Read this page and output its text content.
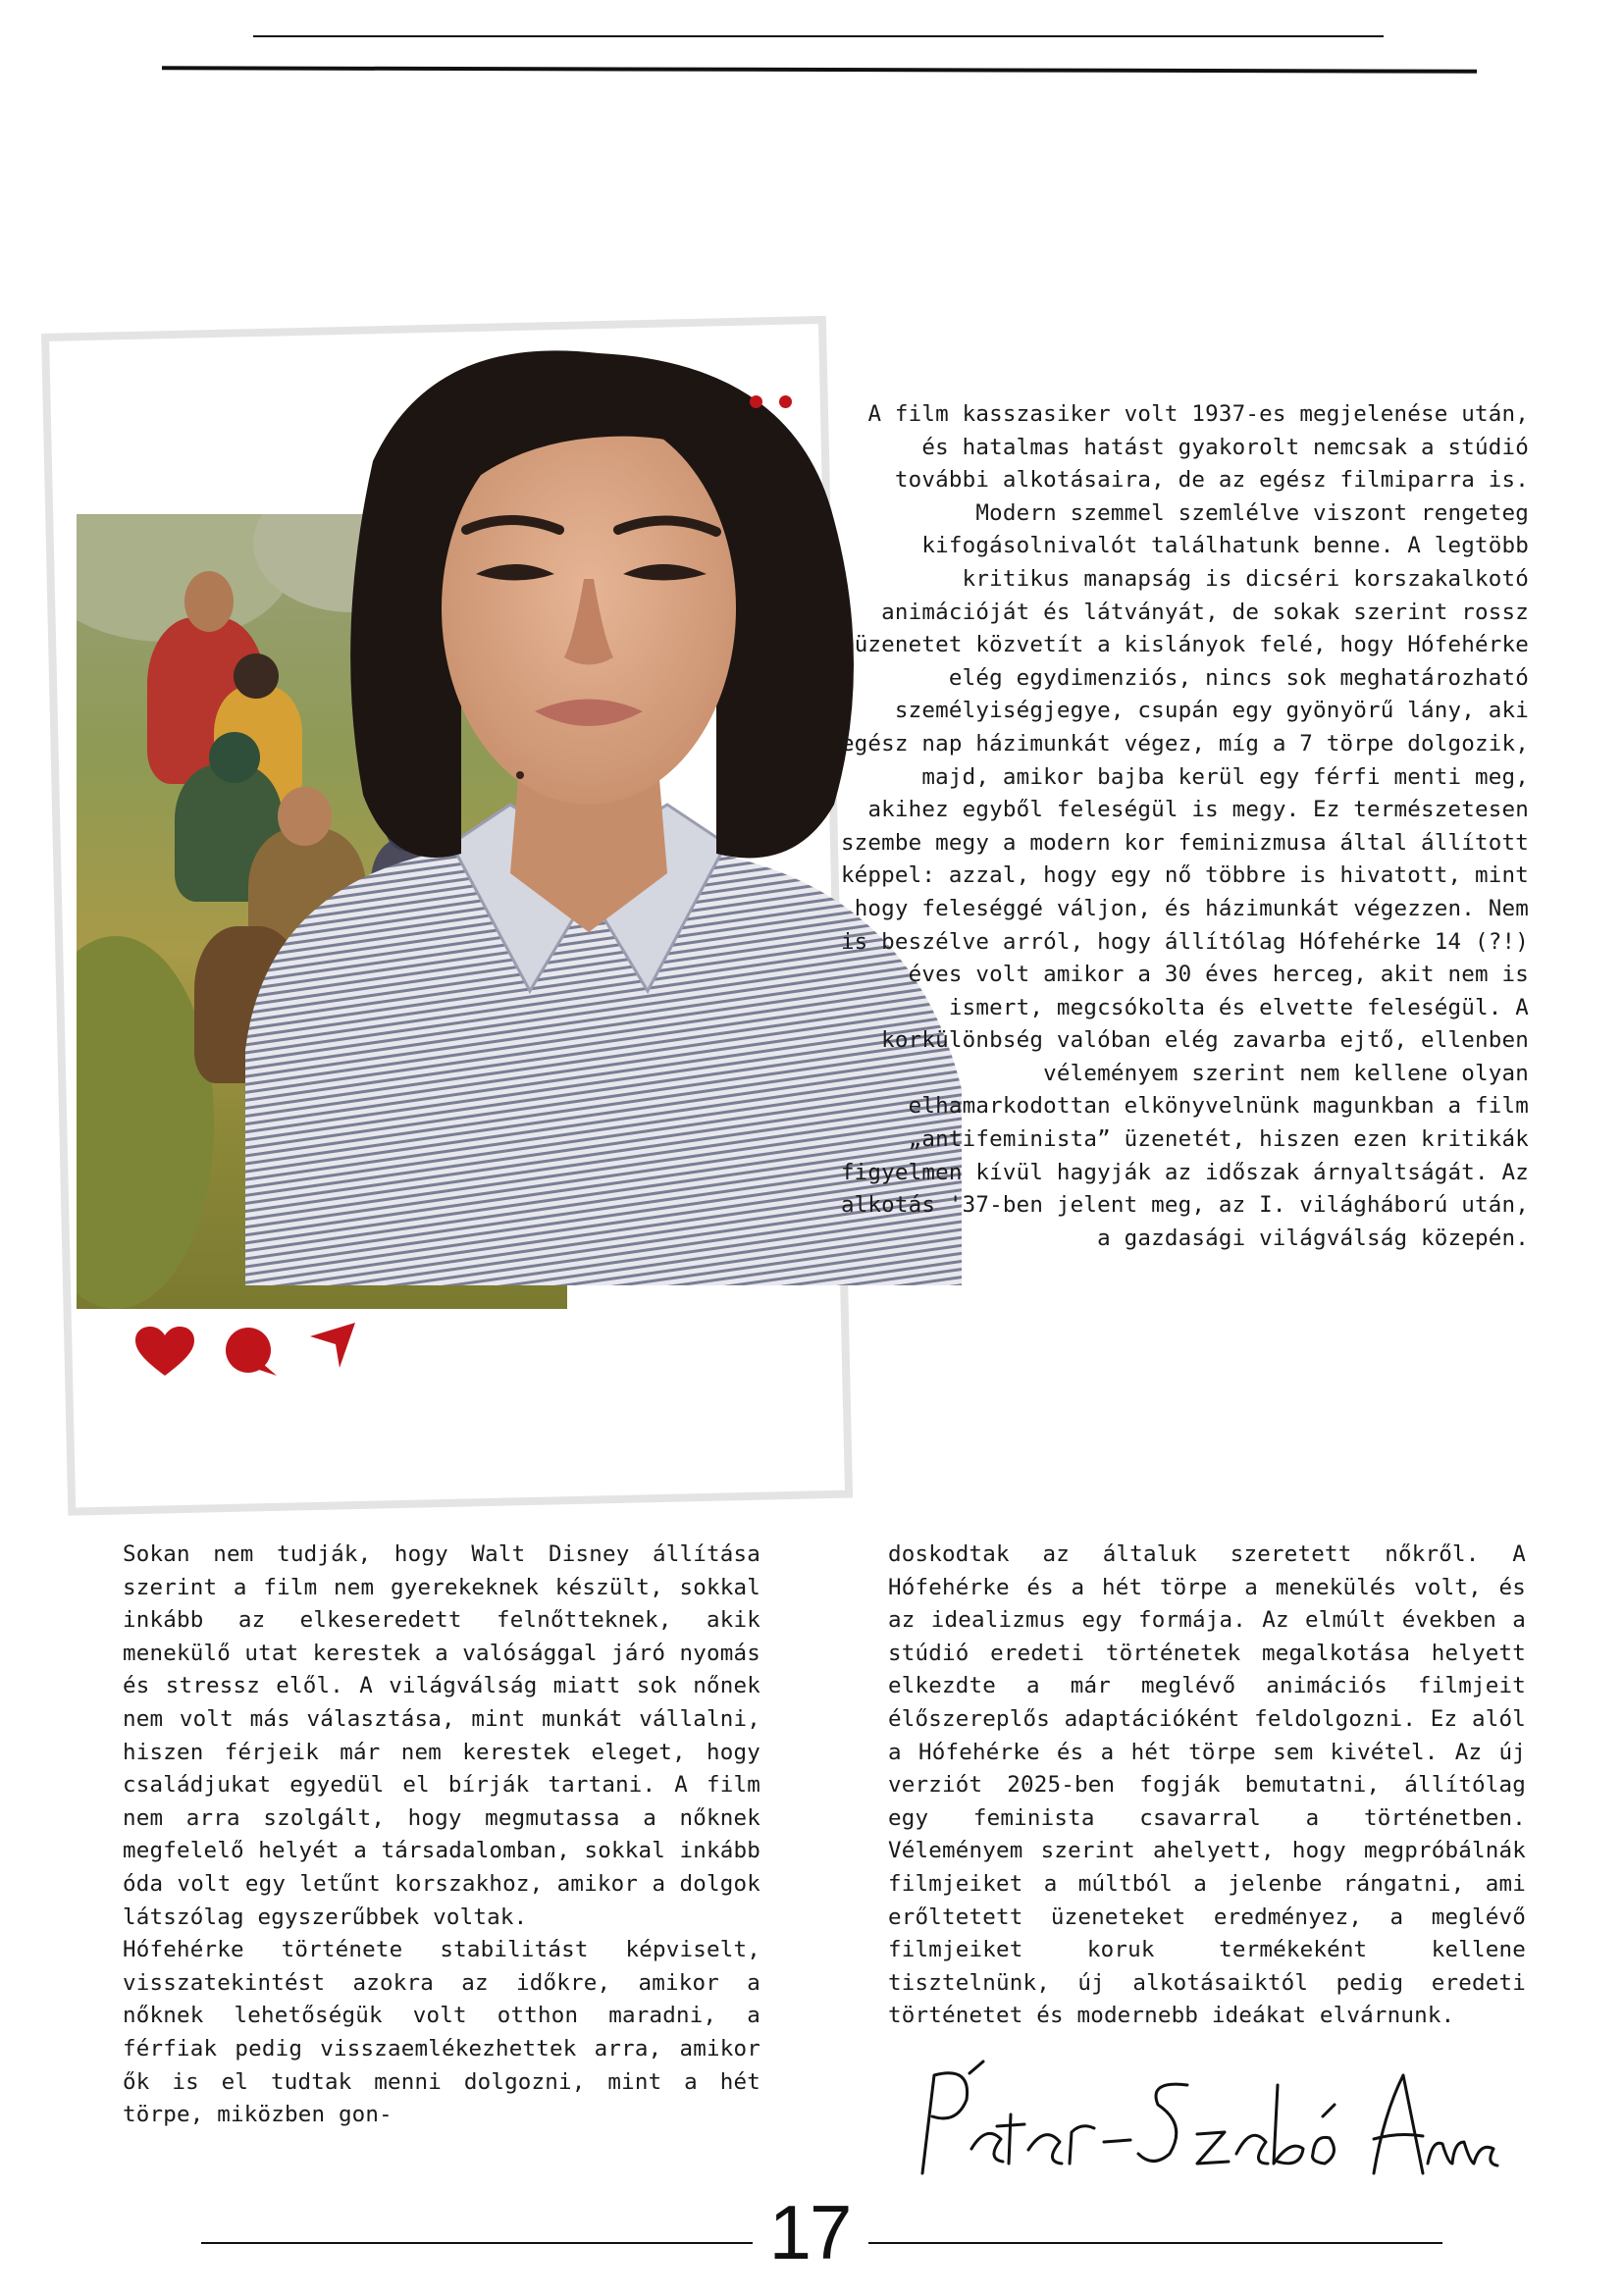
A film kasszasiker volt 1937-es megjelenése után, és hatalmas hatást gyakorolt nemcsak a stúdió további alkotásaira, de az egész filmiparra is. Modern szemmel szemlélve viszont rengeteg kifogásolnivalót találhatunk benne. A legtöbb kritikus manapság is dicséri korszakalkotó animációját és látványát, de sokak szerint rossz üzenetet közvetít a kislányok felé, hogy Hófehérke elég egydimenziós, nincs sok meghatározható személyiségjegye, csupán egy gyönyörű lány, aki egész nap házimunkát végez, míg a 7 törpe dolgozik, majd, amikor bajba kerül egy férfi menti meg, akihez egyből feleségül is megy. Ez természetesen szembe megy a modern kor feminizmusa által állított képpel: azzal, hogy egy nő többre is hivatott, mint hogy feleséggé váljon, és házimunkát végezzen. Nem is beszélve arról, hogy állítólag Hófehérke 14 (?!) éves volt amikor a 30 éves herceg, akit nem is ismert, megcsókolta és elvette feleségül. A korkülönbség valóban elég zavarba ejtő, ellenben véleményem szerint nem kellene olyan elhamarkodottan elkönyvelnünk magunkban a film „antifeminista” üzenetét, hiszen ezen kritikák figyelmen kívül hagyják az időszak árnyaltságát. Az alkotás '37-ben jelent meg, az I. világháború után, a gazdasági világválság közepén.

Sokan nem tudják, hogy Walt Disney állítása szerint a film nem gyerekeknek készült, sokkal inkább az elkeseredett felnőtteknek, akik menekülő utat kerestek a valósággal járó nyomás és stressz elől. A világválság miatt sok nőnek nem volt más választása, mint munkát vállalni, hiszen férjeik már nem kerestek eleget, hogy családjukat egyedül el bírják tartani. A film nem arra szolgált, hogy megmutassa a nőknek megfelelő helyét a társadalomban, sokkal inkább óda volt egy letűnt korszakhoz, amikor a dolgok látszólag egyszerűbbek voltak.

Hófehérke története stabilitást képviselt, visszatekintést azokra az időkre, amikor a nőknek lehetőségük volt otthon maradni, a férfiak pedig visszaemlékezhettek arra, amikor ők is el tudtak menni dolgozni, mint a hét törpe, miközben gon-

doskodtak az általuk szeretett nőkről. A Hófehérke és a hét törpe a menekülés volt, és az idealizmus egy formája. Az elmúlt években a stúdió eredeti történetek megalkotása helyett elkezdte a már meglévő animációs filmjeit élőszereplős adaptációként feldolgozni. Ez alól a Hófehérke és a hét törpe sem kivétel. Az új verziót 2025-ben fogják bemutatni, állítólag egy feminista csavarral a történetben. Véleményem szerint ahelyett, hogy megpróbálnák filmjeiket a múltból a jelenbe rángatni, ami erőltetett üzeneteket eredményez, a meglévő filmjeiket koruk termékeként kellene tisztelnünk, új alkotásaiktól pedig eredeti történetet és modernebb ideákat elvárnunk.

17
